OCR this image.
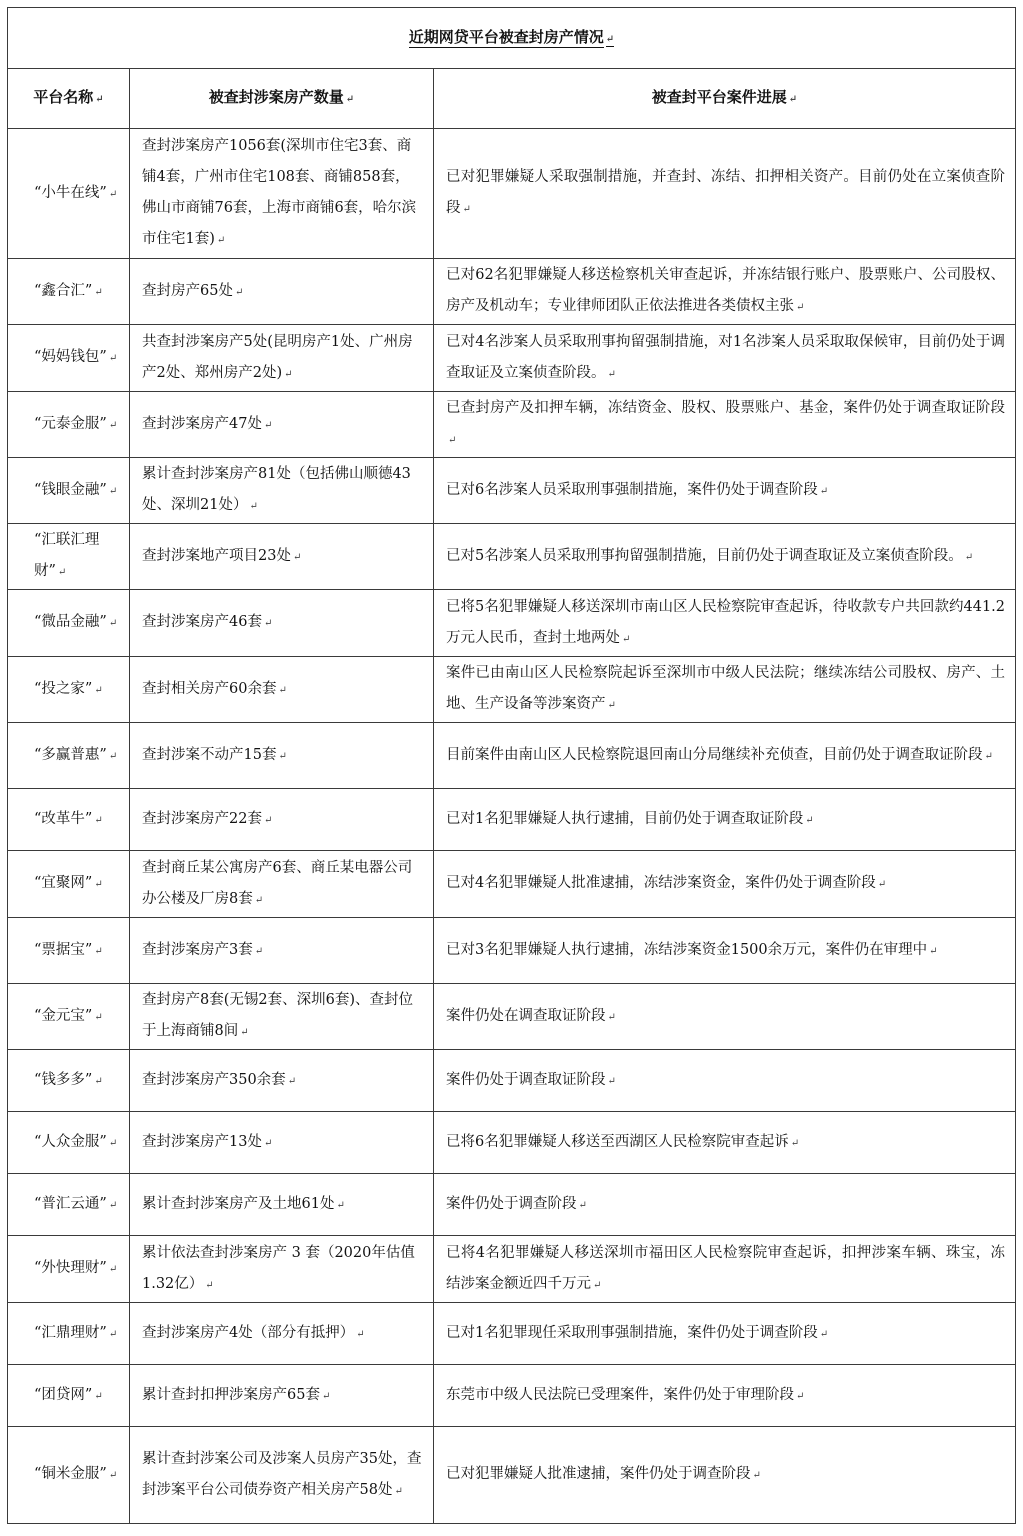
近期网贷平台被查封房产情况 ↵		
平台名称 ↵	被查封涉案房产数量 ↵	被查封平台案件进展 ↵
“小牛在线” ↵	查封涉案房产1056套(深圳市住宅3套、商铺4套，广州市住宅108套、商铺858套，佛山市商铺76套，上海市商铺6套，哈尔滨市住宅1套) ↵	已对犯罪嫌疑人采取强制措施，并查封、冻结、扣押相关资产。目前仍处在立案侦查阶段 ↵
“鑫合汇” ↵	查封房产65处 ↵	已对62名犯罪嫌疑人移送检察机关审查起诉，并冻结银行账户、股票账户、公司股权、房产及机动车；专业律师团队正依法推进各类债权主张 ↵
“妈妈钱包” ↵	共查封涉案房产5处(昆明房产1处、广州房产2处、郑州房产2处) ↵	已对4名涉案人员采取刑事拘留强制措施，对1名涉案人员采取取保候审，目前仍处于调查取证及立案侦查阶段。 ↵
“元泰金服” ↵	查封涉案房产47处 ↵	已查封房产及扣押车辆，冻结资金、股权、股票账户、基金，案件仍处于调查取证阶段↵
“钱眼金融” ↵	累计查封涉案房产81处（包括佛山顺德43处、深圳21处） ↵	已对6名涉案人员采取刑事强制措施，案件仍处于调查阶段 ↵
“汇联汇理财” ↵	查封涉案地产项目23处 ↵	已对5名涉案人员采取刑事拘留强制措施，目前仍处于调查取证及立案侦查阶段。 ↵
“微品金融” ↵	查封涉案房产46套 ↵	已将5名犯罪嫌疑人移送深圳市南山区人民检察院审查起诉，待收款专户共回款约441.2万元人民币，查封土地两处 ↵
“投之家” ↵	查封相关房产60余套 ↵	案件已由南山区人民检察院起诉至深圳市中级人民法院；继续冻结公司股权、房产、土地、生产设备等涉案资产 ↵
“多赢普惠” ↵	查封涉案不动产15套 ↵	目前案件由南山区人民检察院退回南山分局继续补充侦查，目前仍处于调查取证阶段 ↵
“改革牛” ↵	查封涉案房产22套 ↵	已对1名犯罪嫌疑人执行逮捕，目前仍处于调查取证阶段 ↵
“宜聚网” ↵	查封商丘某公寓房产6套、商丘某电器公司办公楼及厂房8套 ↵	已对4名犯罪嫌疑人批准逮捕，冻结涉案资金，案件仍处于调查阶段 ↵
“票据宝” ↵	查封涉案房产3套 ↵	已对3名犯罪嫌疑人执行逮捕，冻结涉案资金1500余万元，案件仍在审理中 ↵
“金元宝” ↵	查封房产8套(无锡2套、深圳6套)、查封位于上海商铺8间 ↵	案件仍处在调查取证阶段 ↵
“钱多多” ↵	查封涉案房产350余套 ↵	案件仍处于调查取证阶段 ↵
“人众金服” ↵	查封涉案房产13处 ↵	已将6名犯罪嫌疑人移送至西湖区人民检察院审查起诉 ↵
“普汇云通” ↵	累计查封涉案房产及土地61处 ↵	案件仍处于调查阶段 ↵
“外快理财” ↵	累计依法查封涉案房产 3 套（2020年估值1.32亿） ↵	已将4名犯罪嫌疑人移送深圳市福田区人民检察院审查起诉，扣押涉案车辆、珠宝，冻结涉案金额近四千万元 ↵
“汇鼎理财” ↵	查封涉案房产4处（部分有抵押） ↵	已对1名犯罪现任采取刑事强制措施，案件仍处于调查阶段 ↵
“团贷网” ↵	累计查封扣押涉案房产65套 ↵	东莞市中级人民法院已受理案件，案件仍处于审理阶段 ↵
“铜米金服” ↵	累计查封涉案公司及涉案人员房产35处，查封涉案平台公司债券资产相关房产58处 ↵	已对犯罪嫌疑人批准逮捕，案件仍处于调查阶段 ↵
